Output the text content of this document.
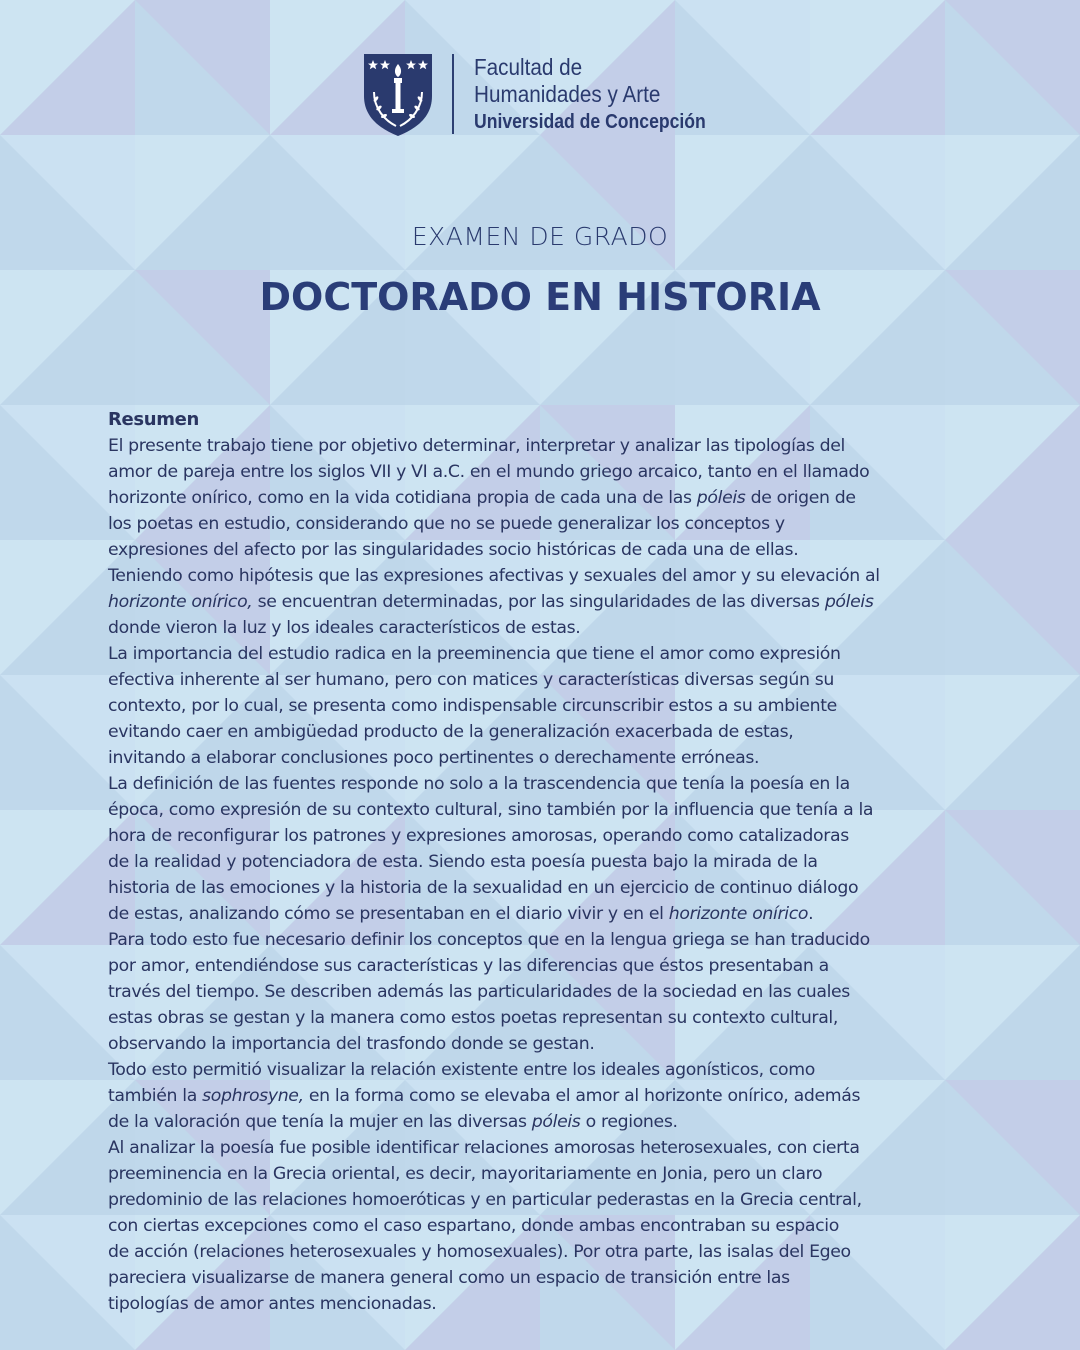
Facultad de
Humanidades y Arte
Universidad de Concepción
EXAMEN DE GRADO
DOCTORADO EN HISTORIA
Resumen
El presente trabajo tiene por objetivo determinar, interpretar y analizar las tipologías del
amor de pareja entre los siglos VII y VI a.C. en el mundo griego arcaico, tanto en el llamado
horizonte onírico, como en la vida cotidiana propia de cada una de las póleis de origen de
los poetas en estudio, considerando que no se puede generalizar los conceptos y
expresiones del afecto por las singularidades socio históricas de cada una de ellas.
Teniendo como hipótesis que las expresiones afectivas y sexuales del amor y su elevación al
horizonte onírico, se encuentran determinadas, por las singularidades de las diversas póleis
donde vieron la luz y los ideales característicos de estas.
La importancia del estudio radica en la preeminencia que tiene el amor como expresión
efectiva inherente al ser humano, pero con matices y características diversas según su
contexto, por lo cual, se presenta como indispensable circunscribir estos a su ambiente
evitando caer en ambigüedad producto de la generalización exacerbada de estas,
invitando a elaborar conclusiones poco pertinentes o derechamente erróneas.
La definición de las fuentes responde no solo a la trascendencia que tenía la poesía en la
época, como expresión de su contexto cultural, sino también por la influencia que tenía a la
hora de reconfigurar los patrones y expresiones amorosas, operando como catalizadoras
de la realidad y potenciadora de esta. Siendo esta poesía puesta bajo la mirada de la
historia de las emociones y la historia de la sexualidad en un ejercicio de continuo diálogo
de estas, analizando cómo se presentaban en el diario vivir y en el horizonte onírico.
Para todo esto fue necesario definir los conceptos que en la lengua griega se han traducido
por amor, entendiéndose sus características y las diferencias que éstos presentaban a
través del tiempo. Se describen además las particularidades de la sociedad en las cuales
estas obras se gestan y la manera como estos poetas representan su contexto cultural,
observando la importancia del trasfondo donde se gestan.
Todo esto permitió visualizar la relación existente entre los ideales agonísticos, como
también la sophrosyne, en la forma como se elevaba el amor al horizonte onírico, además
de la valoración que tenía la mujer en las diversas póleis o regiones.
Al analizar la poesía fue posible identificar relaciones amorosas heterosexuales, con cierta
preeminencia en la Grecia oriental, es decir, mayoritariamente en Jonia, pero un claro
predominio de las relaciones homoeróticas y en particular pederastas en la Grecia central,
con ciertas excepciones como el caso espartano, donde ambas encontraban su espacio
de acción (relaciones heterosexuales y homosexuales). Por otra parte, las isalas del Egeo
pareciera visualizarse de manera general como un espacio de transición entre las
tipologías de amor antes mencionadas.
